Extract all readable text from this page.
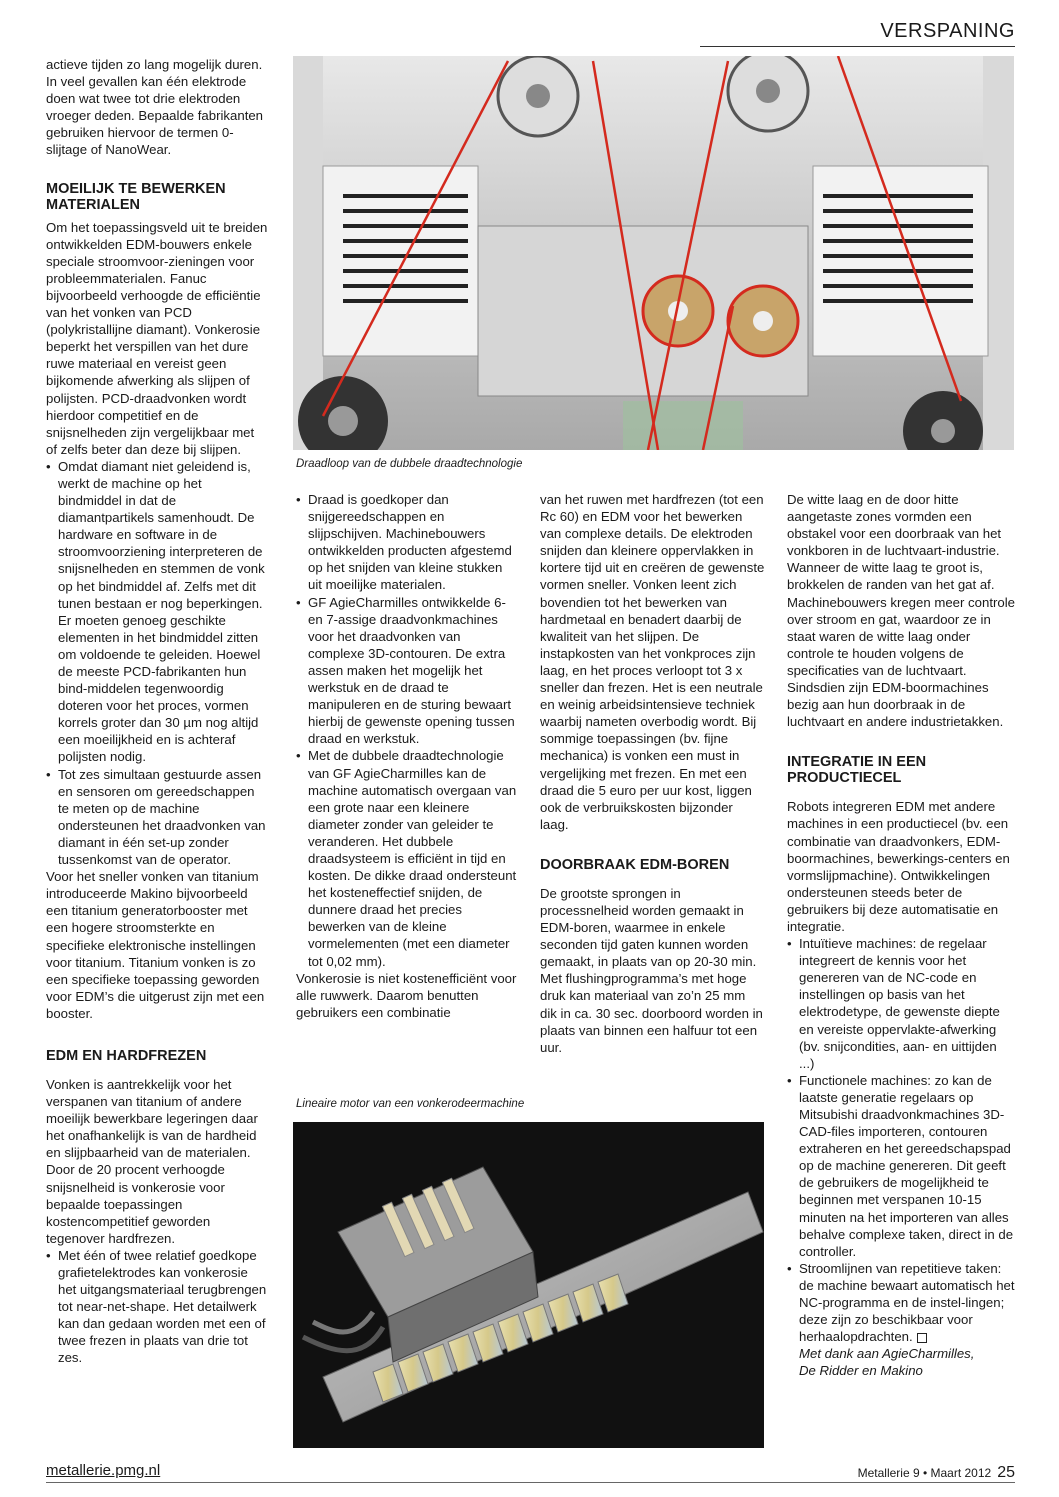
VERSPANING

actieve tijden zo lang mogelijk duren. In veel gevallen kan één elektrode doen wat twee tot drie elektroden vroeger deden. Bepaalde fabrikanten gebruiken hiervoor de termen 0-slijtage of NanoWear.

MOEILIJK TE BEWERKEN MATERIALEN

Om het toepassingsveld uit te breiden ontwikkelden EDM-bouwers enkele speciale stroomvoor-zieningen voor probleemmaterialen. Fanuc bijvoorbeeld verhoogde de efficiëntie van het vonken van PCD (polykristallijne diamant). Vonkerosie beperkt het verspillen van het dure ruwe materiaal en vereist geen bijkomende afwerking als slijpen of polijsten. PCD-draadvonken wordt hierdoor competitief en de snijsnelheden zijn vergelijkbaar met of zelfs beter dan deze bij slijpen.

• Omdat diamant niet geleidend is, werkt de machine op het bindmiddel in dat de diamantpartikels samenhoudt. De hardware en software in de stroomvoorziening interpreteren de snijsnelheden en stemmen de vonk op het bindmiddel af. Zelfs met dit tunen bestaan er nog beperkingen. Er moeten genoeg geschikte elementen in het bindmiddel zitten om voldoende te geleiden. Hoewel de meeste PCD-fabrikanten hun bind-middelen tegenwoordig doteren voor het proces, vormen korrels groter dan 30 µm nog altijd een moeilijkheid en is achteraf polijsten nodig.

• Tot zes simultaan gestuurde assen en sensoren om gereedschappen te meten op de machine ondersteunen het draadvonken van diamant in één set-up zonder tussenkomst van de operator.

Voor het sneller vonken van titanium introduceerde Makino bijvoorbeeld een titanium generatorbooster met een hogere stroomsterkte en specifieke elektronische instellingen voor titanium. Titanium vonken is zo een specifieke toepassing geworden voor EDM’s die uitgerust zijn met een booster.

EDM EN HARDFREZEN

Vonken is aantrekkelijk voor het verspanen van titanium of andere moeilijk bewerkbare legeringen daar het onafhankelijk is van de hardheid en slijpbaarheid van de materialen. Door de 20 procent verhoogde snijsnelheid is vonkerosie voor bepaalde toepassingen kostencompetitief geworden tegenover hardfrezen.

• Met één of twee relatief goedkope grafietelektrodes kan vonkerosie het uitgangsmateriaal terugbrengen tot near-net-shape. Het detailwerk kan dan gedaan worden met een of twee frezen in plaats van drie tot zes.

Draadloop van de dubbele draadtechnologie

• Draad is goedkoper dan snijgereedschappen en slijpschijven. Machinebouwers ontwikkelden producten afgestemd op het snijden van kleine stukken uit moeilijke materialen.

• GF AgieCharmilles ontwikkelde 6- en 7-assige draadvonkmachines voor het draadvonken van complexe 3D-contouren. De extra assen maken het mogelijk het werkstuk en de draad te manipuleren en de sturing bewaart hierbij de gewenste opening tussen draad en werkstuk.

• Met de dubbele draadtechnologie van GF AgieCharmilles kan de machine automatisch overgaan van een grote naar een kleinere diameter zonder van geleider te veranderen. Het dubbele draadsysteem is efficiënt in tijd en kosten. De dikke draad ondersteunt het kosteneffectief snijden, de dunnere draad het precies bewerken van de kleine vormelementen (met een diameter tot 0,02 mm).

Vonkerosie is niet kostenefficiënt voor alle ruwwerk. Daarom benutten gebruikers een combinatie

van het ruwen met hardfrezen (tot een Rc 60) en EDM voor het bewerken van complexe details. De elektroden snijden dan kleinere oppervlakken in kortere tijd uit en creëren de gewenste vormen sneller. Vonken leent zich bovendien tot het bewerken van hardmetaal en benadert daarbij de kwaliteit van het slijpen. De instapkosten van het vonkproces zijn laag, en het proces verloopt tot 3 x sneller dan frezen. Het is een neutrale en weinig arbeidsintensieve techniek waarbij nameten overbodig wordt. Bij sommige toepassingen (bv. fijne mechanica) is vonken een must in vergelijking met frezen. En met een draad die 5 euro per uur kost, liggen ook de verbruikskosten bijzonder laag.

DOORBRAAK EDM-BOREN

De grootste sprongen in processnelheid worden gemaakt in EDM-boren, waarmee in enkele seconden tijd gaten kunnen worden gemaakt, in plaats van op 20-30 min. Met flushingprogramma’s met hoge druk kan materiaal van zo’n 25 mm dik in ca. 30 sec. doorboord worden in plaats van binnen een halfuur tot een uur.

Lineaire motor van een vonkerodeermachine

De witte laag en de door hitte aangetaste zones vormden een obstakel voor een doorbraak van het vonkboren in de luchtvaart-industrie. Wanneer de witte laag te groot is, brokkelen de randen van het gat af. Machinebouwers kregen meer controle over stroom en gat, waardoor ze in staat waren de witte laag onder controle te houden volgens de specificaties van de luchtvaart. Sindsdien zijn EDM-boormachines bezig aan hun doorbraak in de luchtvaart en andere industrietakken.

INTEGRATIE IN EEN PRODUCTIECEL

Robots integreren EDM met andere machines in een productiecel (bv. een combinatie van draadvonkers, EDM-boormachines, bewerkings-centers en vormslijpmachine). Ontwikkelingen ondersteunen steeds beter de gebruikers bij deze automatisatie en integratie.

• Intuïtieve machines: de regelaar integreert de kennis voor het genereren van de NC-code en instellingen op basis van het elektrodetype, de gewenste diepte en vereiste oppervlakte-afwerking (bv. snijcondities, aan- en uittijden ...)

• Functionele machines: zo kan de laatste generatie regelaars op Mitsubishi draadvonkmachines 3D-CAD-files importeren, contouren extraheren en het gereedschapspad op de machine genereren. Dit geeft de gebruikers de mogelijkheid te beginnen met verspanen 10-15 minuten na het importeren van alles behalve complexe taken, direct in de controller.

• Stroomlijnen van repetitieve taken: de machine bewaart automatisch het NC-programma en de instel-lingen; deze zijn zo beschikbaar voor herhaalopdrachten.

Met dank aan AgieCharmilles,

De Ridder en Makino

metallerie.pmg.nl	Metallerie 9 • Maart 2012 25
